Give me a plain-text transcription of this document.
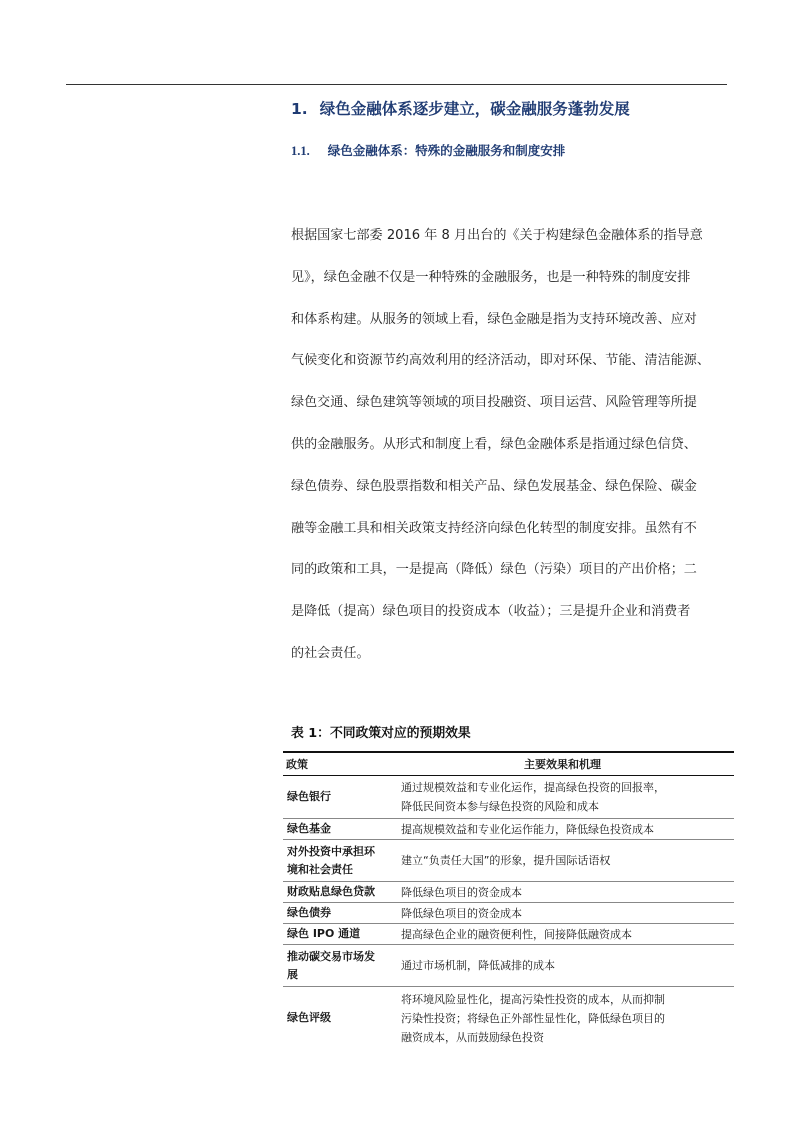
1. 绿色金融体系逐步建立，碳金融服务蓬勃发展
1.1. 绿色金融体系：特殊的金融服务和制度安排
根据国家七部委 2016 年 8 月出台的《关于构建绿色金融体系的指导意
见》，绿色金融不仅是一种特殊的金融服务，也是一种特殊的制度安排
和体系构建。从服务的领域上看，绿色金融是指为支持环境改善、应对
气候变化和资源节约高效利用的经济活动，即对环保、节能、清洁能源、
绿色交通、绿色建筑等领域的项目投融资、项目运营、风险管理等所提
供的金融服务。从形式和制度上看，绿色金融体系是指通过绿色信贷、
绿色债券、绿色股票指数和相关产品、绿色发展基金、绿色保险、碳金
融等金融工具和相关政策支持经济向绿色化转型的制度安排。虽然有不
同的政策和工具，一是提高（降低）绿色（污染）项目的产出价格；二
是降低（提高）绿色项目的投资成本（收益）；三是提升企业和消费者
的社会责任。
表 1：不同政策对应的预期效果
政策	主要效果和机理

绿色银行	通过规模效益和专业化运作，提高绿色投资的回报率，
降低民间资本参与绿色投资的风险和成本

绿色基金	提高规模效益和专业化运作能力，降低绿色投资成本

对外投资中承担环
境和社会责任	建立“负责任大国”的形象，提升国际话语权

财政贴息绿色贷款	降低绿色项目的资金成本

绿色债券	降低绿色项目的资金成本

绿色 IPO 通道	提高绿色企业的融资便利性，间接降低融资成本

推动碳交易市场发
展	通过市场机制，降低减排的成本

绿色评级	将环境风险显性化，提高污染性投资的成本，从而抑制
污染性投资；将绿色正外部性显性化，降低绿色项目的
融资成本，从而鼓励绿色投资
